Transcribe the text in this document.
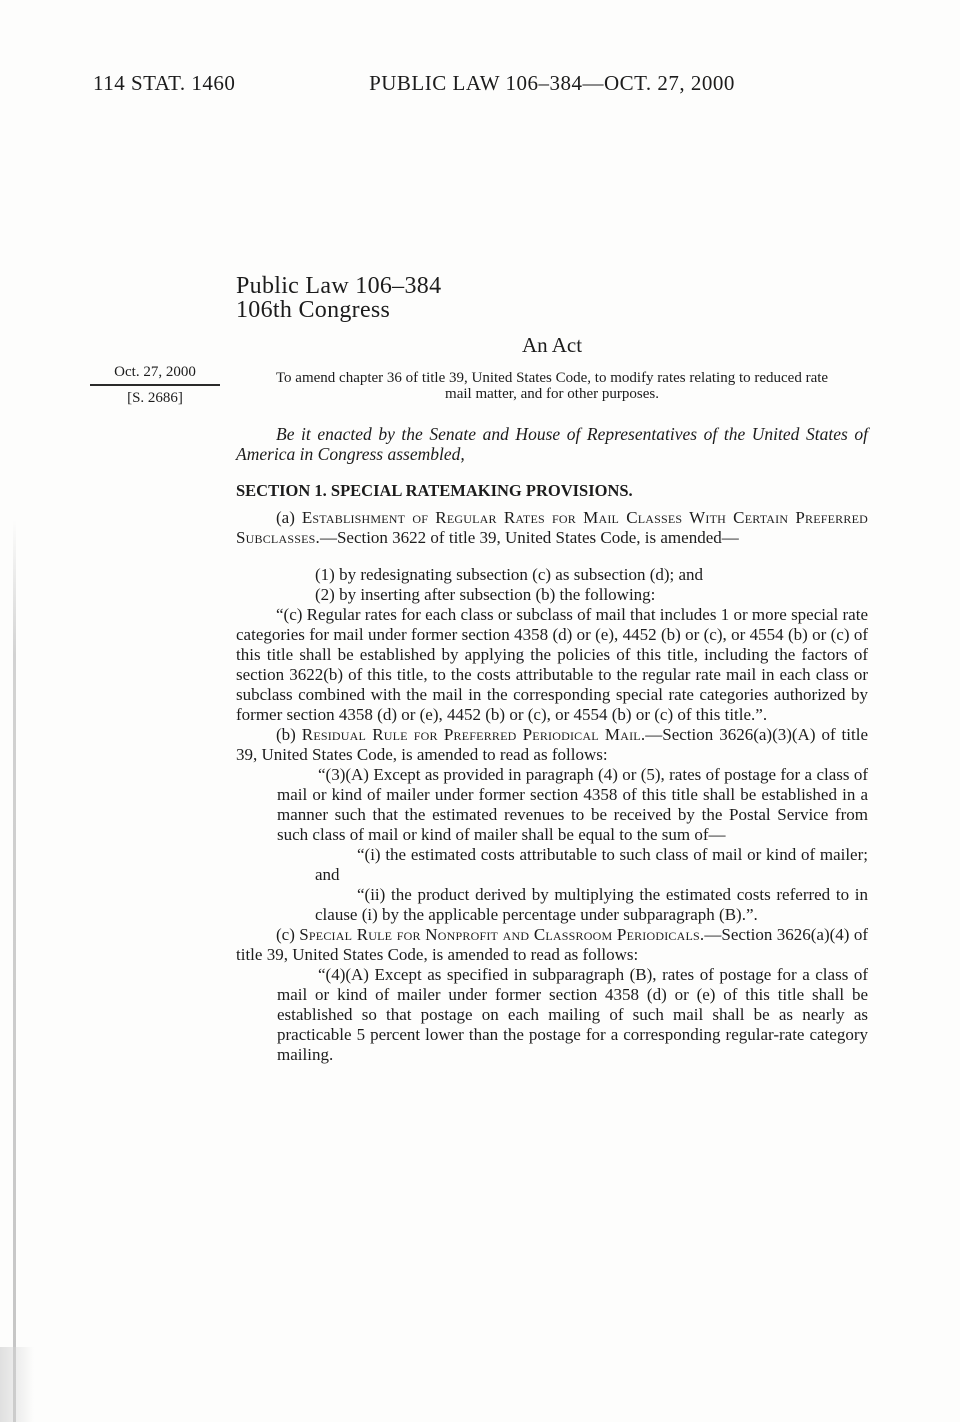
114 STAT. 1460	PUBLIC LAW 106–384—OCT. 27, 2000
Oct. 27, 2000
[S. 2686]
Public Law 106–384
106th Congress
An Act
To amend chapter 36 of title 39, United States Code, to modify rates relating to reduced rate mail matter, and for other purposes.

Be it enacted by the Senate and House of Representatives of the United States of America in Congress assembled,

SECTION 1. SPECIAL RATEMAKING PROVISIONS.

(a) Establishment of Regular Rates for Mail Classes With Certain Preferred Subclasses.—Section 3622 of title 39, United States Code, is amended—

(1) by redesignating subsection (c) as subsection (d); and

(2) by inserting after subsection (b) the following:

“(c) Regular rates for each class or subclass of mail that includes 1 or more special rate categories for mail under former section 4358 (d) or (e), 4452 (b) or (c), or 4554 (b) or (c) of this title shall be established by applying the policies of this title, including the factors of section 3622(b) of this title, to the costs attributable to the regular rate mail in each class or subclass combined with the mail in the corresponding special rate categories authorized by former section 4358 (d) or (e), 4452 (b) or (c), or 4554 (b) or (c) of this title.”.

(b) Residual Rule for Preferred Periodical Mail.—Section 3626(a)(3)(A) of title 39, United States Code, is amended to read as follows:

“(3)(A) Except as provided in paragraph (4) or (5), rates of postage for a class of mail or kind of mailer under former section 4358 of this title shall be established in a manner such that the estimated revenues to be received by the Postal Service from such class of mail or kind of mailer shall be equal to the sum of—

“(i) the estimated costs attributable to such class of mail or kind of mailer; and

“(ii) the product derived by multiplying the estimated costs referred to in clause (i) by the applicable percentage under subparagraph (B).”.

(c) Special Rule for Nonprofit and Classroom Periodicals.—Section 3626(a)(4) of title 39, United States Code, is amended to read as follows:

“(4)(A) Except as specified in subparagraph (B), rates of postage for a class of mail or kind of mailer under former section 4358 (d) or (e) of this title shall be established so that postage on each mailing of such mail shall be as nearly as practicable 5 percent lower than the postage for a corresponding regular-rate category mailing.
